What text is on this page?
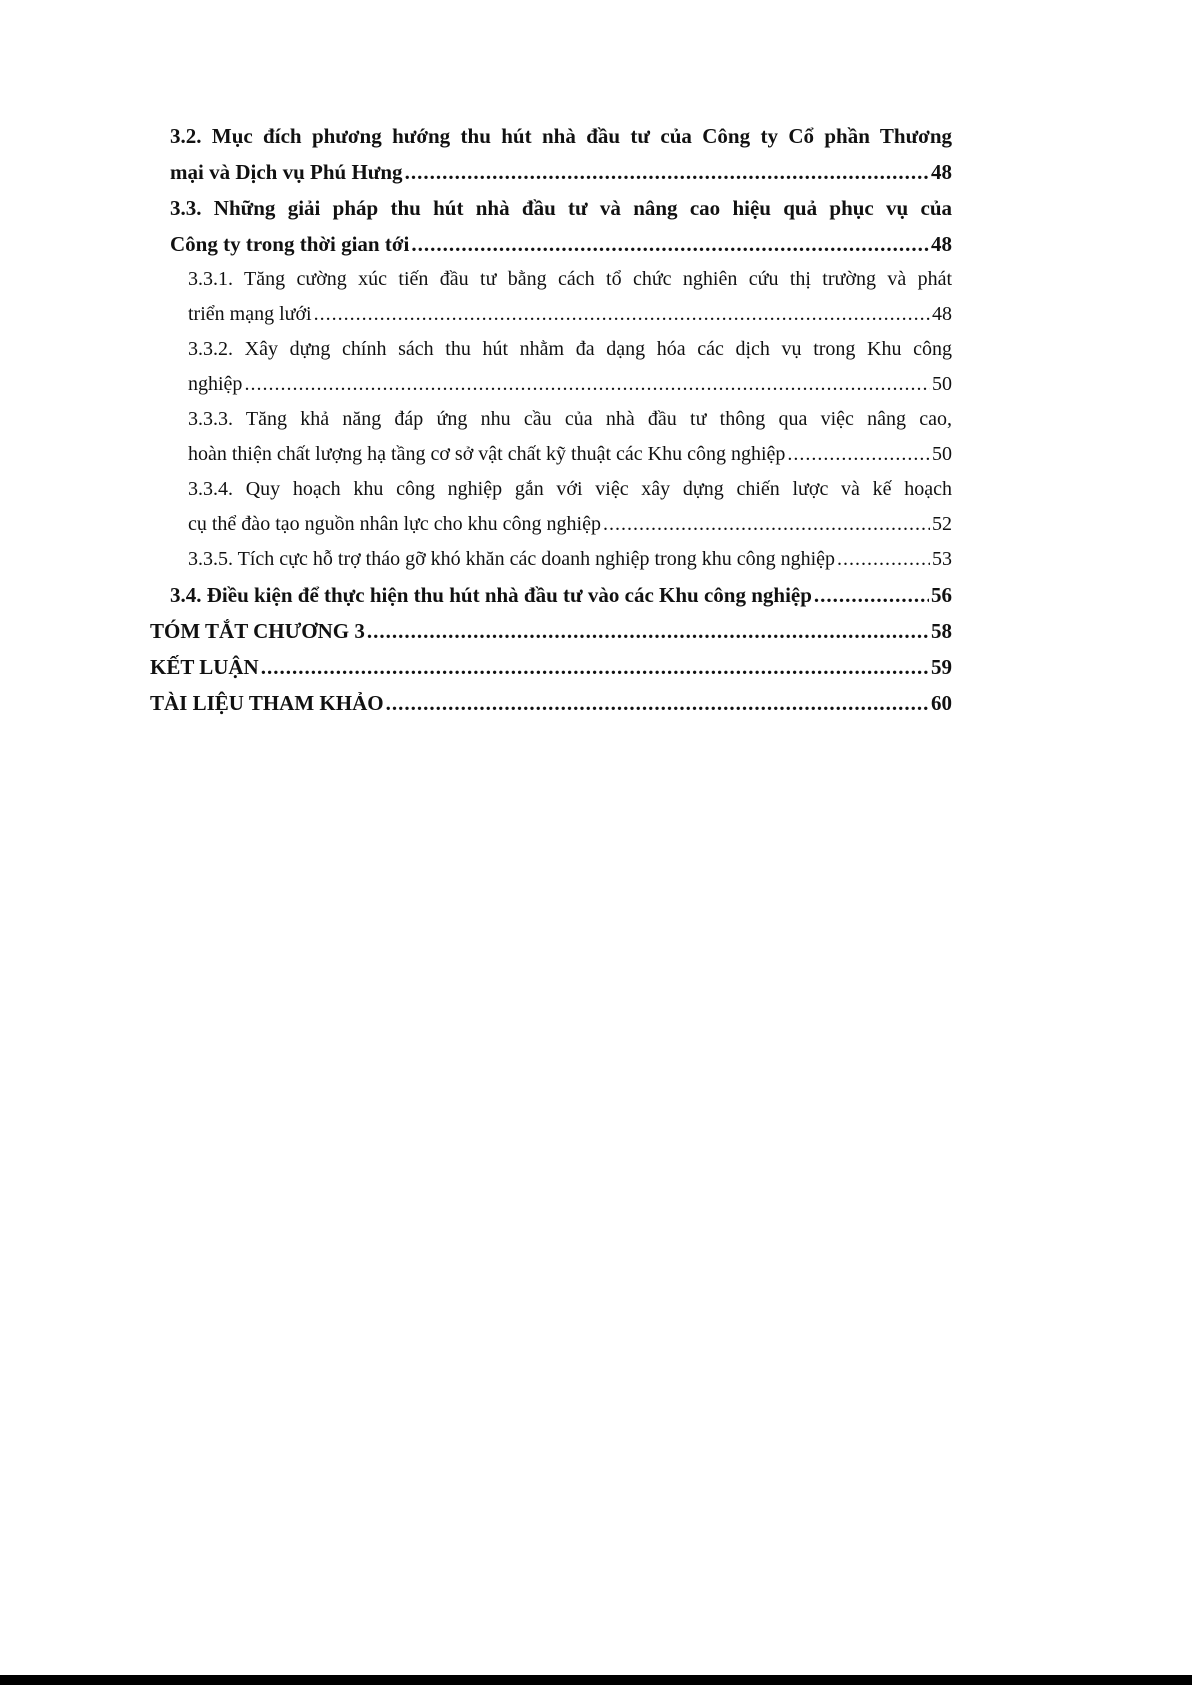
3.2. Mục đích phương hướng thu hút nhà đầu tư của Công ty Cổ phần Thương
mại và Dịch vụ Phú Hưng .....	48
3.3. Những giải pháp thu hút nhà đầu tư và nâng cao hiệu quả phục vụ của
Công ty trong thời gian tới .....	48
3.3.1. Tăng cường xúc tiến đầu tư bằng cách tổ chức nghiên cứu thị trường và phát
triển mạng lưới .....	48
3.3.2. Xây dựng chính sách thu hút nhằm đa dạng hóa các dịch vụ trong Khu công
nghiệp .....	50
3.3.3. Tăng khả năng đáp ứng nhu cầu của nhà đầu tư thông qua việc nâng cao,
hoàn thiện chất lượng hạ tầng cơ sở vật chất kỹ thuật các Khu công nghiệp .....	50
3.3.4. Quy hoạch khu công nghiệp gắn với việc xây dựng chiến lược và kế hoạch
cụ thể đào tạo nguồn nhân lực cho khu công nghiệp .....	52
3.3.5. Tích cực hỗ trợ tháo gỡ khó khăn các doanh nghiệp trong khu công nghiệp .....	53
3.4. Điều kiện để thực hiện thu hút nhà đầu tư vào các Khu công nghiệp .....	56
TÓM TẮT CHƯƠNG 3 .....	58
KẾT LUẬN .....	59
TÀI LIỆU THAM KHẢO .....	60
